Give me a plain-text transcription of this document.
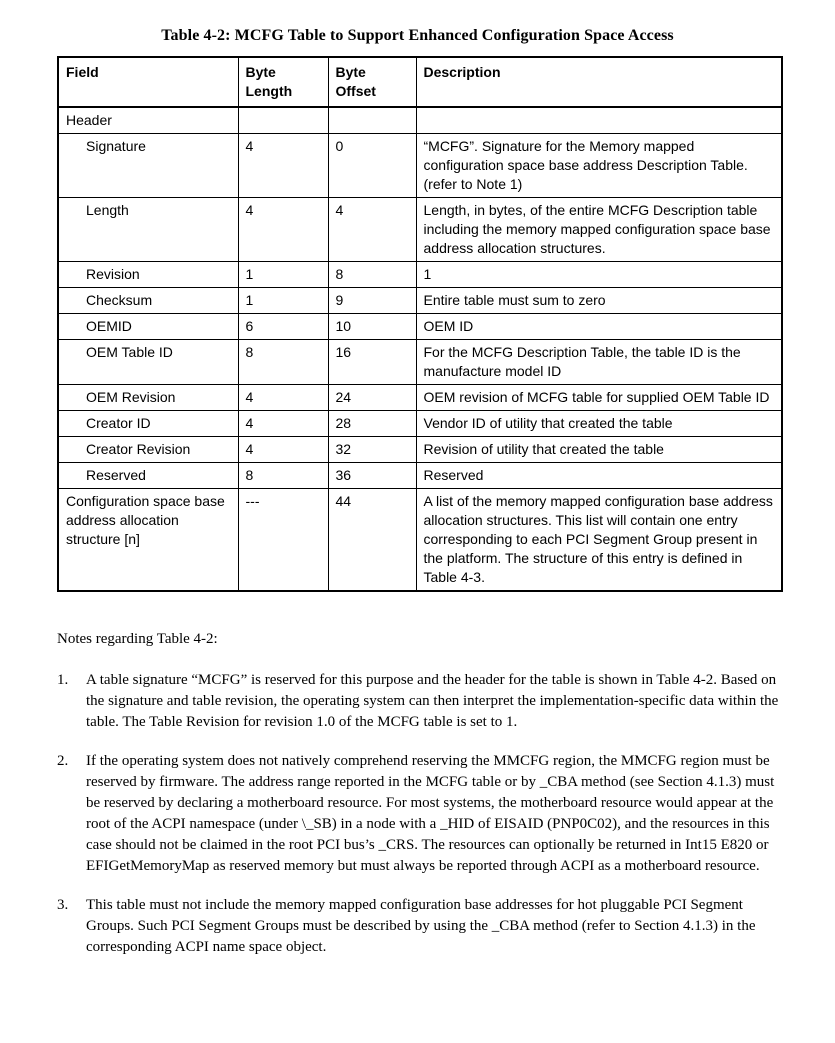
Table 4-2: MCFG Table to Support Enhanced Configuration Space Access
Field	Byte Length	Byte Offset	Description
Header			
Signature	4	0	“MCFG”. Signature for the Memory mapped configuration space base address Description Table. (refer to Note 1)
Length	4	4	Length, in bytes, of the entire MCFG Description table including the memory mapped configuration space base address allocation structures.
Revision	1	8	1
Checksum	1	9	Entire table must sum to zero
OEMID	6	10	OEM ID
OEM Table ID	8	16	For the MCFG Description Table, the table ID is the manufacture model ID
OEM Revision	4	24	OEM revision of MCFG table for supplied OEM Table ID
Creator ID	4	28	Vendor ID of utility that created the table
Creator Revision	4	32	Revision of utility that created the table
Reserved	8	36	Reserved
Configuration space base address allocation structure [n]	---	44	A list of the memory mapped configuration base address allocation structures. This list will contain one entry corresponding to each PCI Segment Group present in the platform. The structure of this entry is defined in Table 4-3.

Notes regarding Table 4-2:

1.	A table signature “MCFG” is reserved for this purpose and the header for the table is shown in Table 4-2. Based on the signature and table revision, the operating system can then interpret the implementation-specific data within the table. The Table Revision for revision 1.0 of the MCFG table is set to 1.
2.	If the operating system does not natively comprehend reserving the MMCFG region, the MMCFG region must be reserved by firmware. The address range reported in the MCFG table or by _CBA method (see Section 4.1.3) must be reserved by declaring a motherboard resource. For most systems, the motherboard resource would appear at the root of the ACPI namespace (under \_SB) in a node with a _HID of EISAID (PNP0C02), and the resources in this case should not be claimed in the root PCI bus’s _CRS. The resources can optionally be returned in Int15 E820 or EFIGetMemoryMap as reserved memory but must always be reported through ACPI as a motherboard resource.
3.	This table must not include the memory mapped configuration base addresses for hot pluggable PCI Segment Groups. Such PCI Segment Groups must be described by using the _CBA method (refer to Section 4.1.3) in the corresponding ACPI name space object.
